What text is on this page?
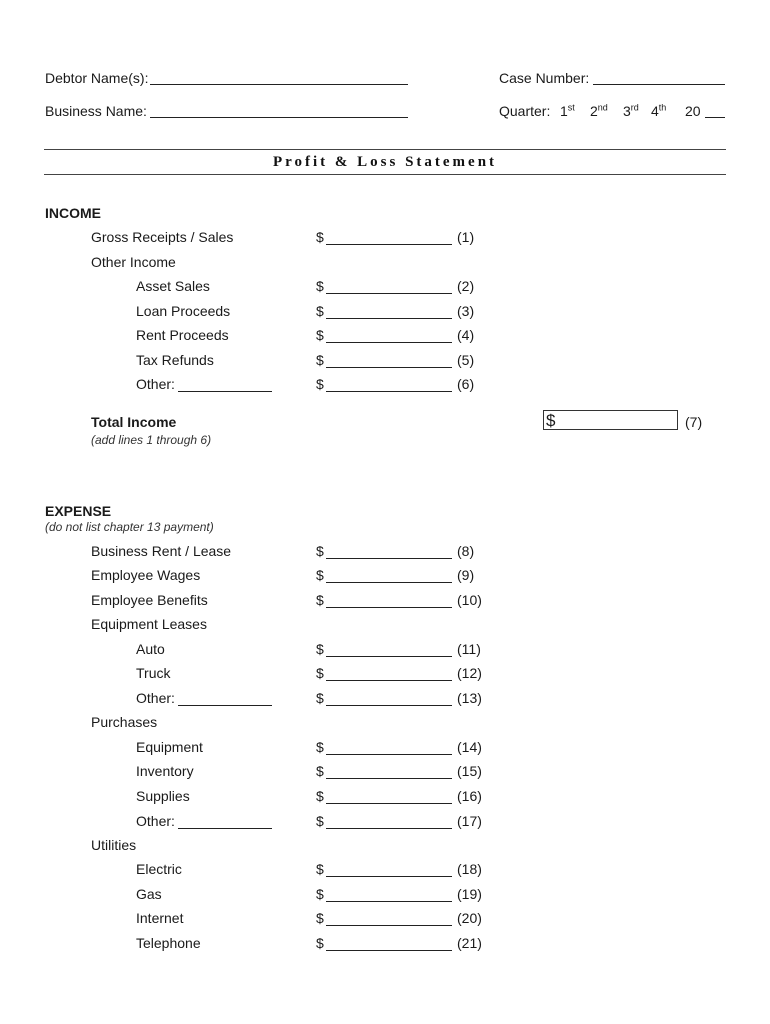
Debtor Name(s):
Business Name:
Case Number:
Quarter: 1st 2nd 3rd 4th 20
Profit & Loss Statement
INCOME
Gross Receipts / Sales	$	(1)
Other Income
Asset Sales	$	(2)
Loan Proceeds	$	(3)
Rent Proceeds	$	(4)
Tax Refunds	$	(5)
Other:	$	(6)
Total Income
(add lines 1 through 6)
$	(7)
EXPENSE
(do not list chapter 13 payment)
Business Rent / Lease	$	(8)
Employee Wages	$	(9)
Employee Benefits	$	(10)
Equipment Leases
Auto	$	(11)
Truck	$	(12)
Other:	$	(13)
Purchases
Equipment	$	(14)
Inventory	$	(15)
Supplies	$	(16)
Other:	$	(17)
Utilities
Electric	$	(18)
Gas	$	(19)
Internet	$	(20)
Telephone	$	(21)
